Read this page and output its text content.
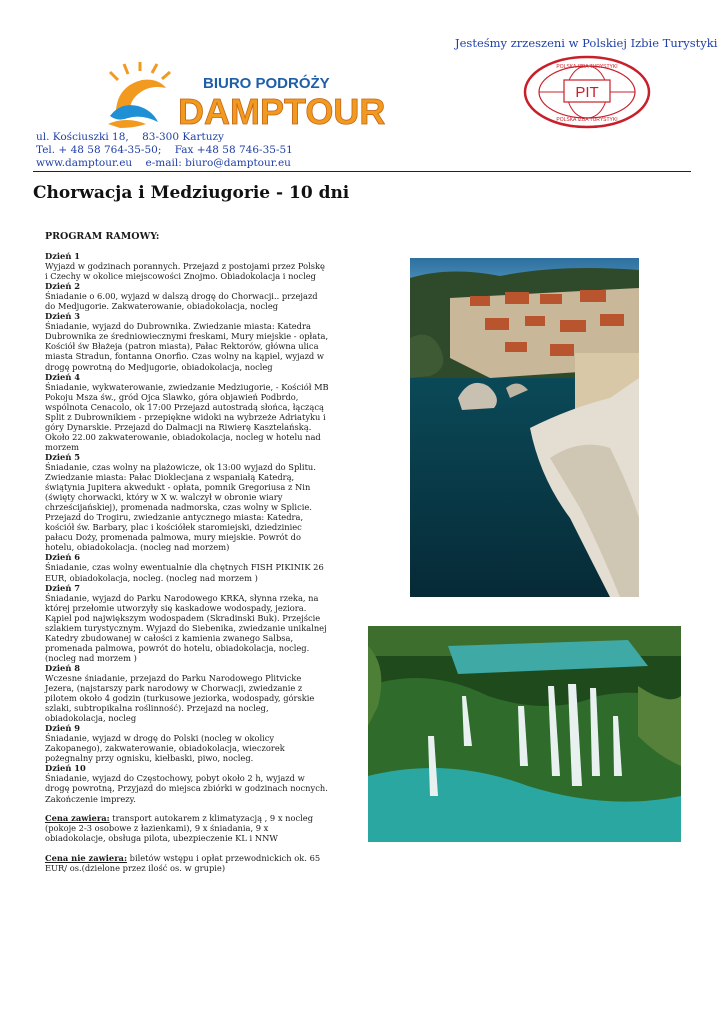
Jesteśmy zrzeszeni w Polskiej Izbie Turystyki
BIURO PODRÓŻY
DAMPTOUR	PIT
POLSKA IZBA TURYSTYKI
POLSKA IZBA TURYSTYKI
ul. Kościuszki 18,    83-300 Kartuzy
Tel. + 48 58 764-35-50;    Fax +48 58 746-35-51
www.damptour.eu    e-mail: biuro@damptour.eu
Chorwacja i Medziugorie - 10 dni
PROGRAM RAMOWY:
Dzień 1

Wyjazd w godzinach porannych. Przejazd z postojami przez Polskę i Czechy w okolice miejscowości Znojmo. Obiadokolacja i nocleg

Dzień 2

Śniadanie o 6.00, wyjazd w dalszą drogę do Chorwacji.. przejazd do Medjugorie. Zakwaterowanie, obiadokolacja, nocleg

Dzień 3

Śniadanie, wyjazd do Dubrownika. Zwiedzanie miasta: Katedra Dubrownika ze średniowiecznymi freskami, Mury miejskie - opłata, Kościół św Błażeja (patron miasta), Pałac Rektorów, główna ulica miasta Stradun, fontanna Onorfio. Czas wolny na kąpiel, wyjazd w drogę powrotną do Medjugorie, obiadokolacja, nocleg

Dzień 4

Śniadanie, wykwaterowanie, zwiedzanie Medziugorie, - Kościół MB Pokoju Msza św., gród Ojca Slawko, góra objawień Podbrdo, wspólnota Cenacolo, ok 17:00 Przejazd autostradą słońca, łączącą Split z Dubrownikiem - przepiękne widoki na wybrzeże Adriatyku i góry Dynarskie. Przejazd do Dalmacji na Riwierę Kasztelańską. Około 22.00 zakwaterowanie, obiadokolacja, nocleg w hotelu nad morzem

Dzień 5

Śniadanie, czas wolny na plażowicze, ok 13:00 wyjazd do Splitu. Zwiedzanie miasta: Pałac Dioklecjana z wspaniałą Katedrą, świątynia Jupitera akwedukt - opłata, pomnik Gregoriusa z Nin (święty chorwacki, który w X w. walczył w obronie wiary chrześcijańskiej), promenada nadmorska, czas wolny w Splicie. Przejazd do Trogiru, zwiedzanie antycznego miasta: Katedra, kościół św. Barbary, plac i kościółek staromiejski, dziedziniec pałacu Doży, promenada palmowa, mury miejskie. Powrót do hotelu, obiadokolacja. (nocleg nad morzem)

Dzień 6

Śniadanie, czas wolny ewentualnie dla chętnych FISH PIKINIK 26 EUR, obiadokolacja, nocleg. (nocleg nad morzem )

Dzień 7

Śniadanie, wyjazd do Parku Narodowego KRKA, słynna rzeka, na której przełomie utworzyły się kaskadowe wodospady, jeziora. Kąpiel pod największym wodospadem (Skradinski Buk). Przejście szlakiem turystycznym. Wyjazd do Siebenika, zwiedzanie unikalnej Katedry zbudowanej w całości z kamienia zwanego Salbsa, promenada palmowa, powrót do hotelu, obiadokolacja, nocleg. (nocleg nad morzem )

Dzień 8

Wczesne śniadanie, przejazd do Parku Narodowego Plitvicke Jezera, (najstarszy park narodowy w Chorwacji, zwiedzanie z pilotem około 4 godzin (turkusowe jeziorka, wodospady, górskie szlaki, subtropikalna roślinność). Przejazd na nocleg, obiadokolacja, nocleg

Dzień 9

Śniadanie, wyjazd w drogę do Polski (nocleg w okolicy Zakopanego), zakwaterowanie, obiadokolacja, wieczorek pożegnalny przy ognisku, kiełbaski, piwo, nocleg.

Dzień 10

Śniadanie, wyjazd do Częstochowy, pobyt około 2 h, wyjazd w drogę powrotną, Przyjazd do miejsca zbiórki w godzinach nocnych. Zakończenie imprezy.

Cena zawiera: transport autokarem z klimatyzacją , 9 x nocleg (pokoje 2-3 osobowe z łazienkami), 9 x śniadania, 9 x obiadokolacje, obsługa pilota, ubezpieczenie KL i NNW
Cena nie zawiera: biletów wstępu i opłat przewodnickich ok. 65 EUR/ os.(dzielone przez ilość os. w grupie)
